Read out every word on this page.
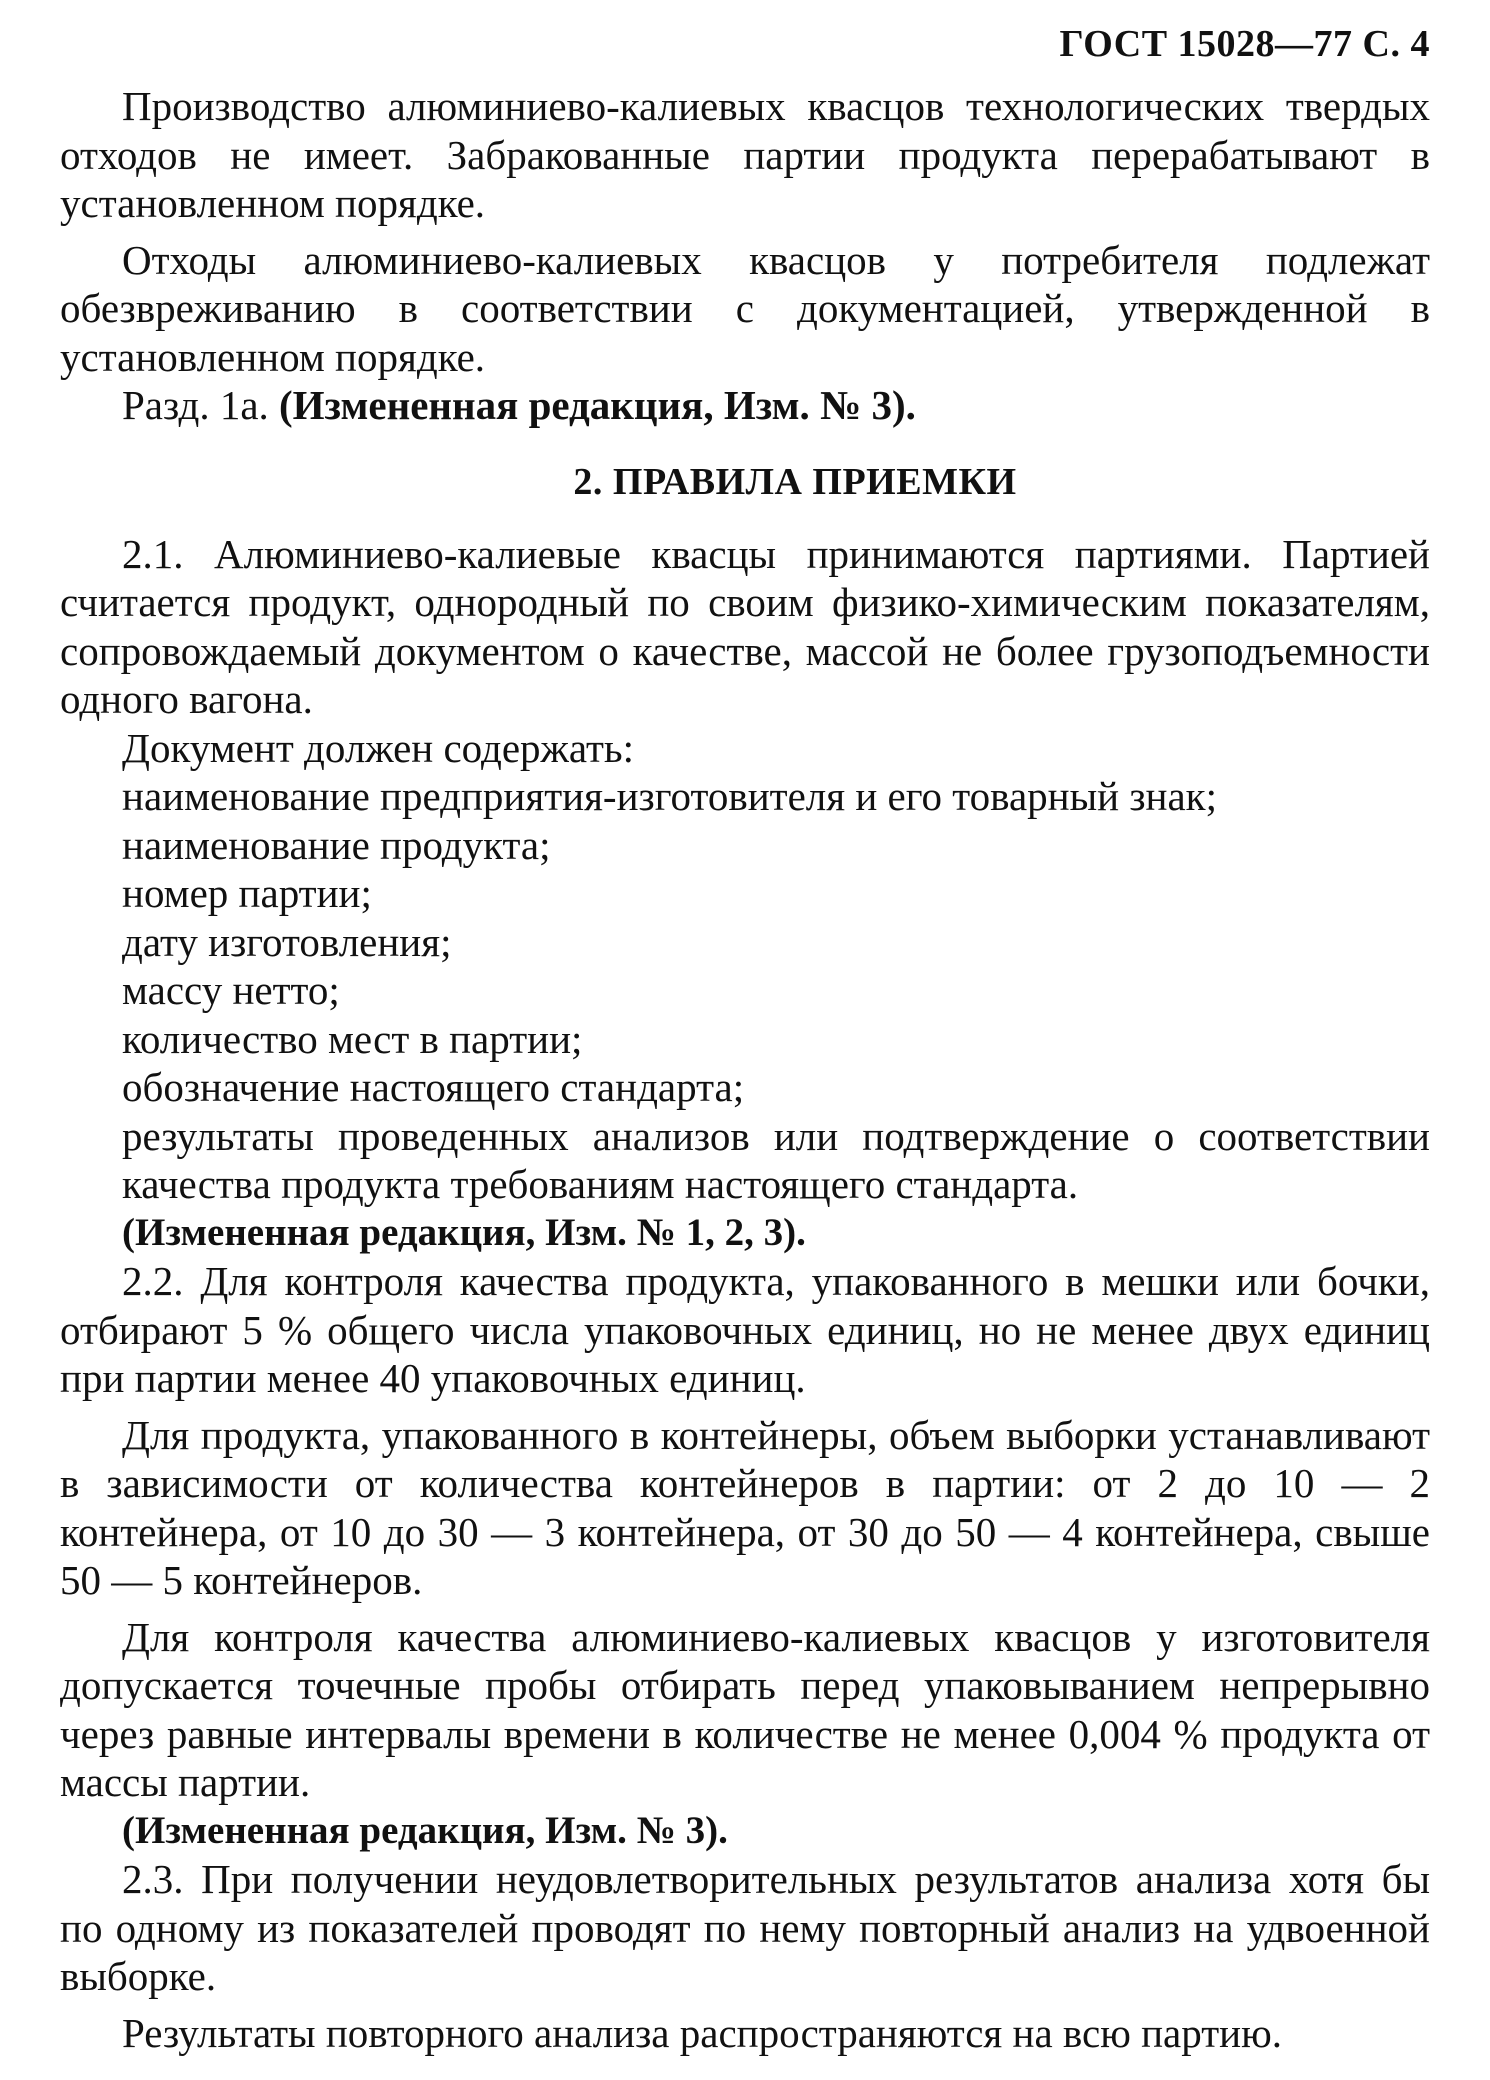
ГОСТ 15028—77 С. 4

Производство алюминиево-калиевых квасцов технологических твердых отходов не имеет. Забракованные партии продукта перерабатывают в установленном порядке.

Отходы алюминиево-калиевых квасцов у потребителя подлежат обезвреживанию в соответствии с документацией, утвержденной в установленном порядке.

Разд. 1а. (Измененная редакция, Изм. № 3).

2. ПРАВИЛА ПРИЕМКИ

2.1. Алюминиево-калиевые квасцы принимаются партиями. Партией считается продукт, однородный по своим физико-химическим показателям, сопровождаемый документом о качестве, массой не более грузоподъемности одного вагона.

Документ должен содержать:

наименование предприятия-изготовителя и его товарный знак;

наименование продукта;

номер партии;

дату изготовления;

массу нетто;

количество мест в партии;

обозначение настоящего стандарта;

результаты проведенных анализов или подтверждение о соответствии качества продукта требованиям настоящего стандарта.

(Измененная редакция, Изм. № 1, 2, 3).

2.2. Для контроля качества продукта, упакованного в мешки или бочки, отбирают 5 % общего числа упаковочных единиц, но не менее двух единиц при партии менее 40 упаковочных единиц.

Для продукта, упакованного в контейнеры, объем выборки устанавливают в зависимости от количества контейнеров в партии: от 2 до 10 — 2 контейнера, от 10 до 30 — 3 контейнера, от 30 до 50 — 4 контейнера, свыше 50 — 5 контейнеров.

Для контроля качества алюминиево-калиевых квасцов у изготовителя допускается точечные пробы отбирать перед упаковыванием непрерывно через равные интервалы времени в количестве не менее 0,004 % продукта от массы партии.

(Измененная редакция, Изм. № 3).

2.3. При получении неудовлетворительных результатов анализа хотя бы по одному из показателей проводят по нему повторный анализ на удвоенной выборке.

Результаты повторного анализа распространяются на всю партию.
